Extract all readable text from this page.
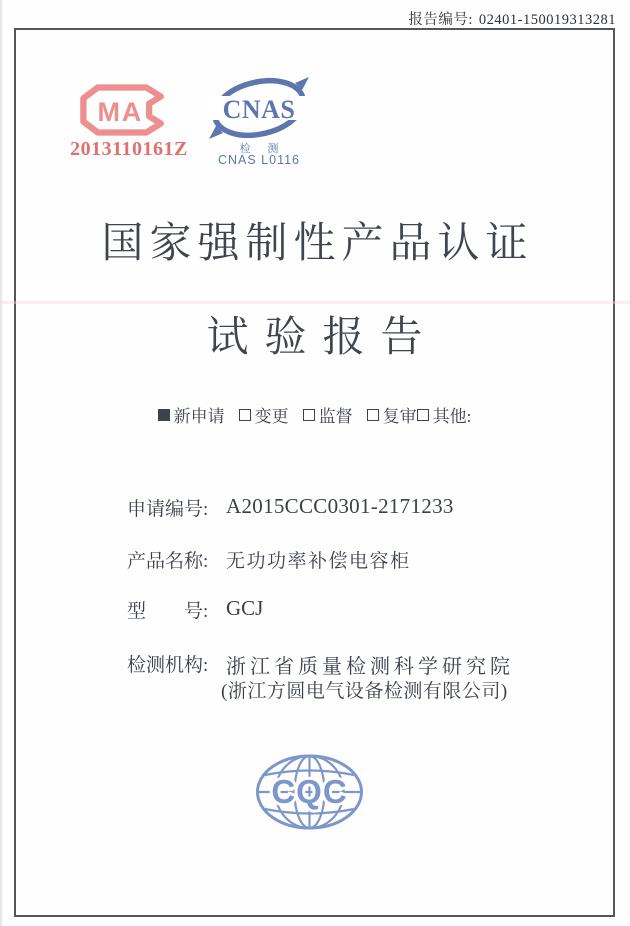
报告编号: 02401-150019313281
MA
2013110161Z
CNAS
检 测
CNAS L0116
国家强制性产品认证
试验报告
新申请 变更 监督 复审 其他:
申请编号: A2015CCC0301-2171233
产品名称: 无功功率补偿电容柜
型　　号: GCJ
检测机构: 浙江省质量检测科学研究院
(浙江方圆电气设备检测有限公司)
CQC
